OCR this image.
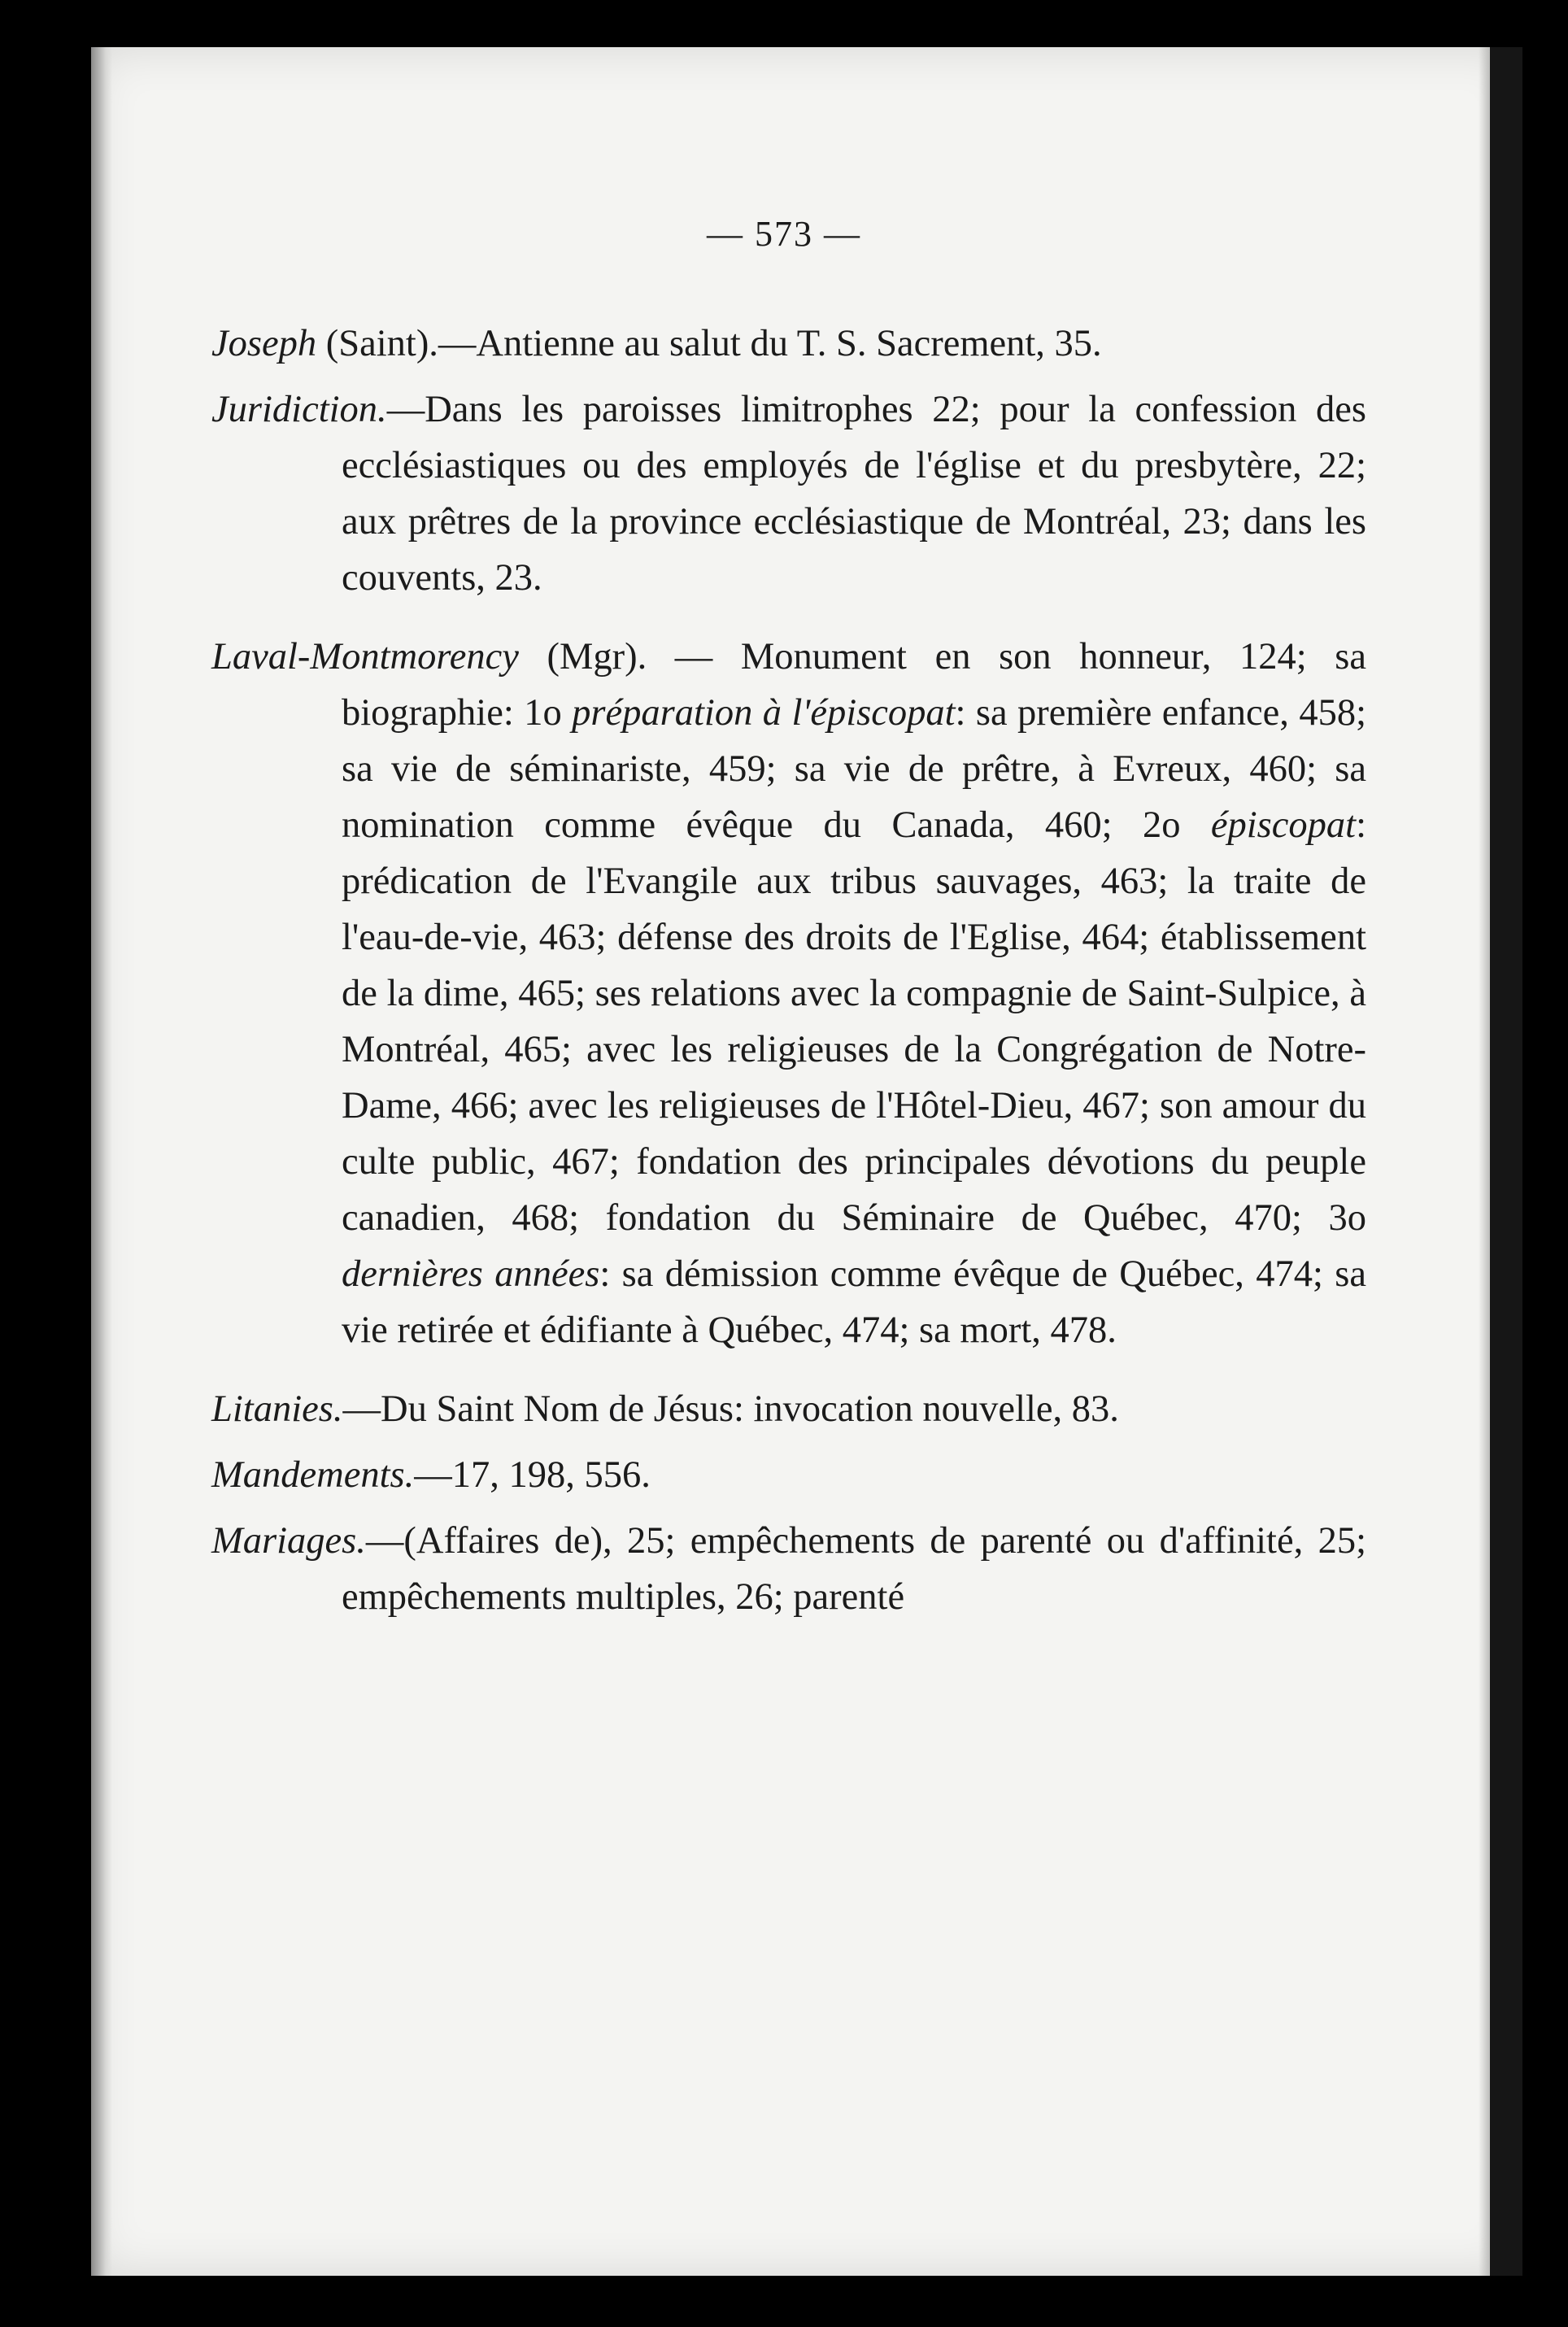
— 573 —

Joseph (Saint).—Antienne au salut du T. S. Sacrement, 35.

Juridiction.—Dans les paroisses limitrophes 22; pour la confession des ecclésiastiques ou des employés de l'église et du presbytère, 22; aux prêtres de la province ecclésiastique de Montréal, 23; dans les couvents, 23.

Laval-Montmorency (Mgr). — Monument en son honneur, 124; sa biographie: 1o préparation à l'épiscopat: sa première enfance, 458; sa vie de séminariste, 459; sa vie de prêtre, à Evreux, 460; sa nomination comme évêque du Canada, 460; 2o épiscopat: prédication de l'Evangile aux tribus sauvages, 463; la traite de l'eau-de-vie, 463; défense des droits de l'Eglise, 464; établissement de la dime, 465; ses relations avec la compagnie de Saint-Sulpice, à Montréal, 465; avec les religieuses de la Congrégation de Notre-Dame, 466; avec les religieuses de l'Hôtel-Dieu, 467; son amour du culte public, 467; fondation des principales dévotions du peuple canadien, 468; fondation du Séminaire de Québec, 470; 3o dernières années: sa démission comme évêque de Québec, 474; sa vie retirée et édifiante à Québec, 474; sa mort, 478.

Litanies.—Du Saint Nom de Jésus: invocation nouvelle, 83.

Mandements.—17, 198, 556.

Mariages.—(Affaires de), 25; empêchements de parenté ou d'affinité, 25; empêchements multiples, 26; parenté
